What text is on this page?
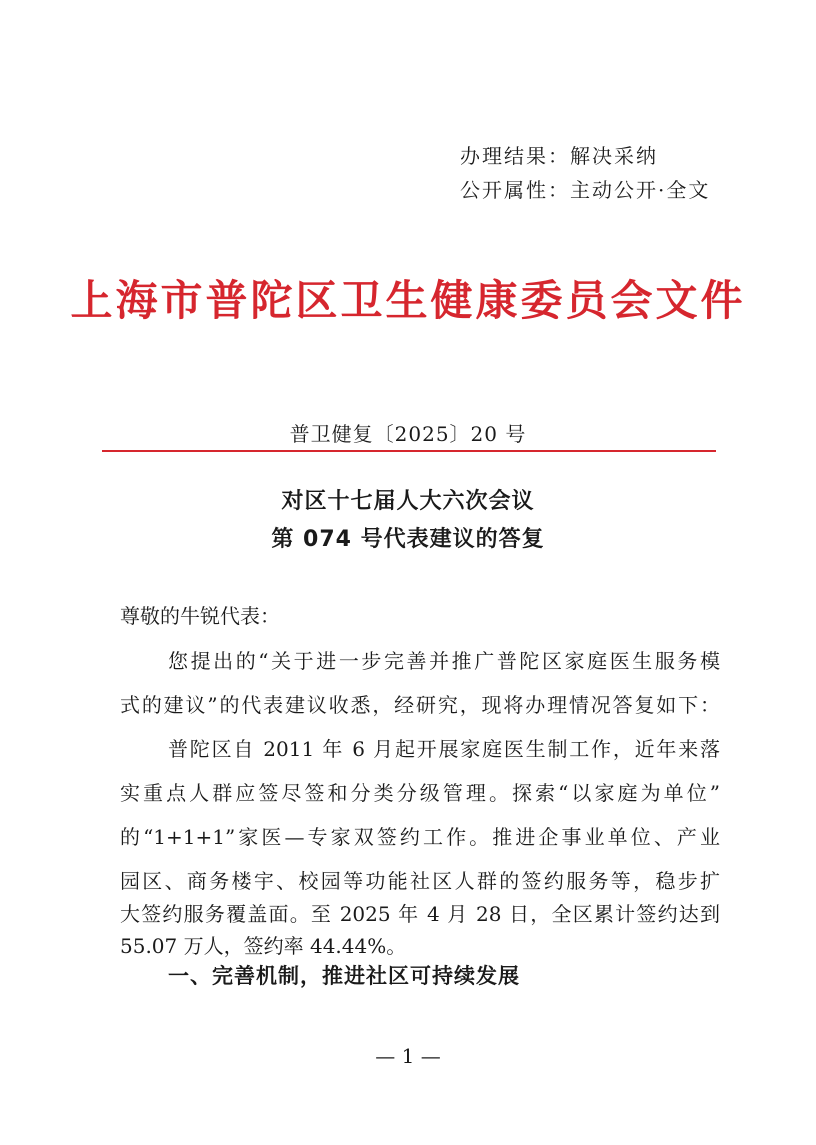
办理结果：解决采纳
公开属性：主动公开·全文
上海市普陀区卫生健康委员会文件
普卫健复〔2025〕20 号
对区十七届人大六次会议
第 074 号代表建议的答复
尊敬的牛锐代表：
您提出的“关于进一步完善并推广普陀区家庭医生服务模
式的建议”的代表建议收悉，经研究，现将办理情况答复如下：
普陀区自 2011 年 6 月起开展家庭医生制工作，近年来落
实重点人群应签尽签和分类分级管理。探索“以家庭为单位”
的“1+1+1”家医—专家双签约工作。推进企事业单位、产业
园区、商务楼宇、校园等功能社区人群的签约服务等，稳步扩
大签约服务覆盖面。至 2025 年 4 月 28 日，全区累计签约达到
55.07 万人，签约率 44.44%。
一、完善机制，推进社区可持续发展
— 1 —
